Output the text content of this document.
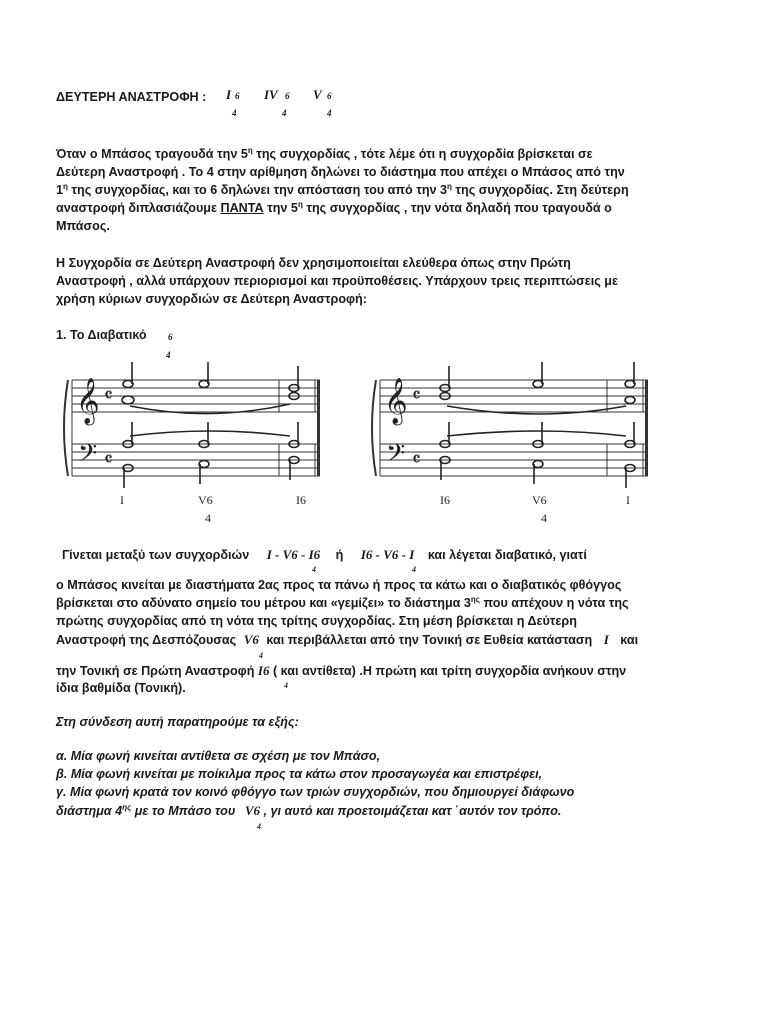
ΔΕΥΤΕΡΗ ΑΝΑΣΤΡΟΦΗ : I 6
4
IV 6
4
V 6
4
Όταν ο Μπάσος τραγουδά την $5^\eta$ της συγχορδίας , τότε λέμε ότι η συγχορδία βρίσκεται σε
Δεύτερη Αναστροφή . Το 4 στην αρίθμηση δηλώνει το διάστημα που απέχει ο Μπάσος από την
$1^\eta$ της συγχορδίας, και το 6 δηλώνει την απόσταση του από την $3^\eta$ της συγχορδίας. Στη δεύτερη
αναστροφή διπλασιάζουμε ΠΑΝΤΑ την $5^\eta$ της συγχορδίας , την νότα δηλαδή που τραγουδά ο
Μπάσος.
Η Συγχορδία σε Δεύτερη Αναστροφή δεν χρησιμοποιείται ελεύθερα όπως στην Πρώτη
Αναστροφή , αλλά υπάρχουν περιορισμοί και προϋποθέσεις. Υπάρχουν τρεις περιπτώσεις με
χρήση κύριων συγχορδιών σε Δεύτερη Αναστροφή:
1. Το Διαβατικό 6
4
𝄞
𝄢
𝄴
𝄴
I	V6	I6
4
𝄞
𝄢
𝄴
𝄴
I6	V6	I
4
Γίνεται μεταξύ των συγχορδιών I - V6 - I6 ή I6 - V6 - I και λέγεται διαβατικό, γιατί
4	4
ο Μπάσος κινείται με διαστήματα 2ας προς τα πάνω ή προς τα κάτω και ο διαβατικός φθόγγος
βρίσκεται στο αδύνατο σημείο του μέτρου και «γεμίζει» το διάστημα $3^{\eta\varsigma}$ που απέχουν η νότα της
πρώτης συγχορδίας από τη νότα της τρίτης συγχορδίας. Στη μέση βρίσκεται η Δεύτερη
Αναστροφή της Δεσπόζουσας V6 και περιβάλλεται από την Τονική σε Ευθεία κατάσταση I και
4
την Τονική σε Πρώτη Αναστροφή I6 ( και αντίθετα) .Η πρώτη και τρίτη συγχορδία ανήκουν στην
4
ίδια βαθμίδα (Τονική).
Στη σύνδεση αυτή παρατηρούμε τα εξής:
α. Μία φωνή κινείται αντίθετα σε σχέση με τον Μπάσο,
β. Μία φωνή κινείται με ποίκιλμα προς τα κάτω στον προσαγωγέα και επιστρέφει,
γ. Μία φωνή κρατά τον κοινό φθόγγο των τριών συγχορδιών, που δημιουργεί διάφωνο
διάστημα $4^{\eta\varsigma}$ με το Μπάσο του V6 , γι αυτό και προετοιμάζεται κατ ΄αυτόν τον τρόπο.
4
